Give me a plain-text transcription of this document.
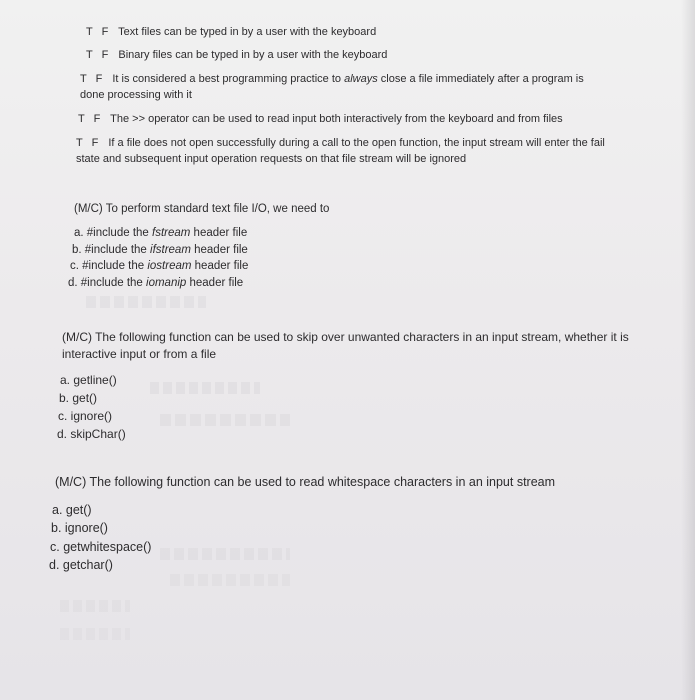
T F Text files can be typed in by a user with the keyboard
T F Binary files can be typed in by a user with the keyboard
T F It is considered a best programming practice to always close a file immediately after a program is done processing with it
T F The >> operator can be used to read input both interactively from the keyboard and from files
T F If a file does not open successfully during a call to the open function, the input stream will enter the fail state and subsequent input operation requests on that file stream will be ignored
(M/C) To perform standard text file I/O, we need to
a. #include the fstream header file
b. #include the ifstream header file
c. #include the iostream header file
d. #include the iomanip header file
(M/C) The following function can be used to skip over unwanted characters in an input stream, whether it is interactive input or from a file
a. getline()
b. get()
c. ignore()
d. skipChar()
(M/C) The following function can be used to read whitespace characters in an input stream
a. get()
b. ignore()
c. getwhitespace()
d. getchar()
